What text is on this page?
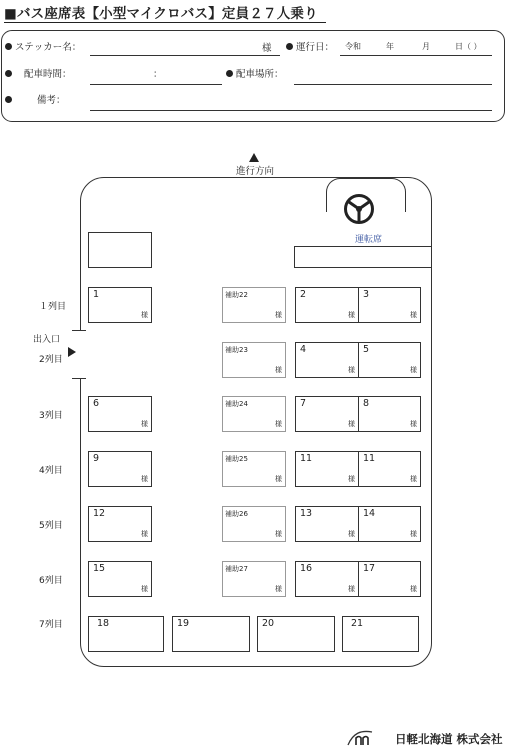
■バス座席表【小型マイクロバス】定員２７人乗り
ステッカー名：	様	運行日： 令和	年	月	日（ ）
配車時間：	：	配車場所：
備考：
進行方向
運転席
出入口
１列目
2列目
3列目
4列目
5列目
6列目
7列目
1
様
6
様
9
様
12
様
15
様
補助22
様
補助23
様
補助24
様
補助25
様
補助26
様
補助27
様
2
様
4
様
7
様
11
様
13
様
16
様
3
様
5
様
8
様
11
様
14
様
17
様
18	19	20	21
日軽北海道 株式会社
